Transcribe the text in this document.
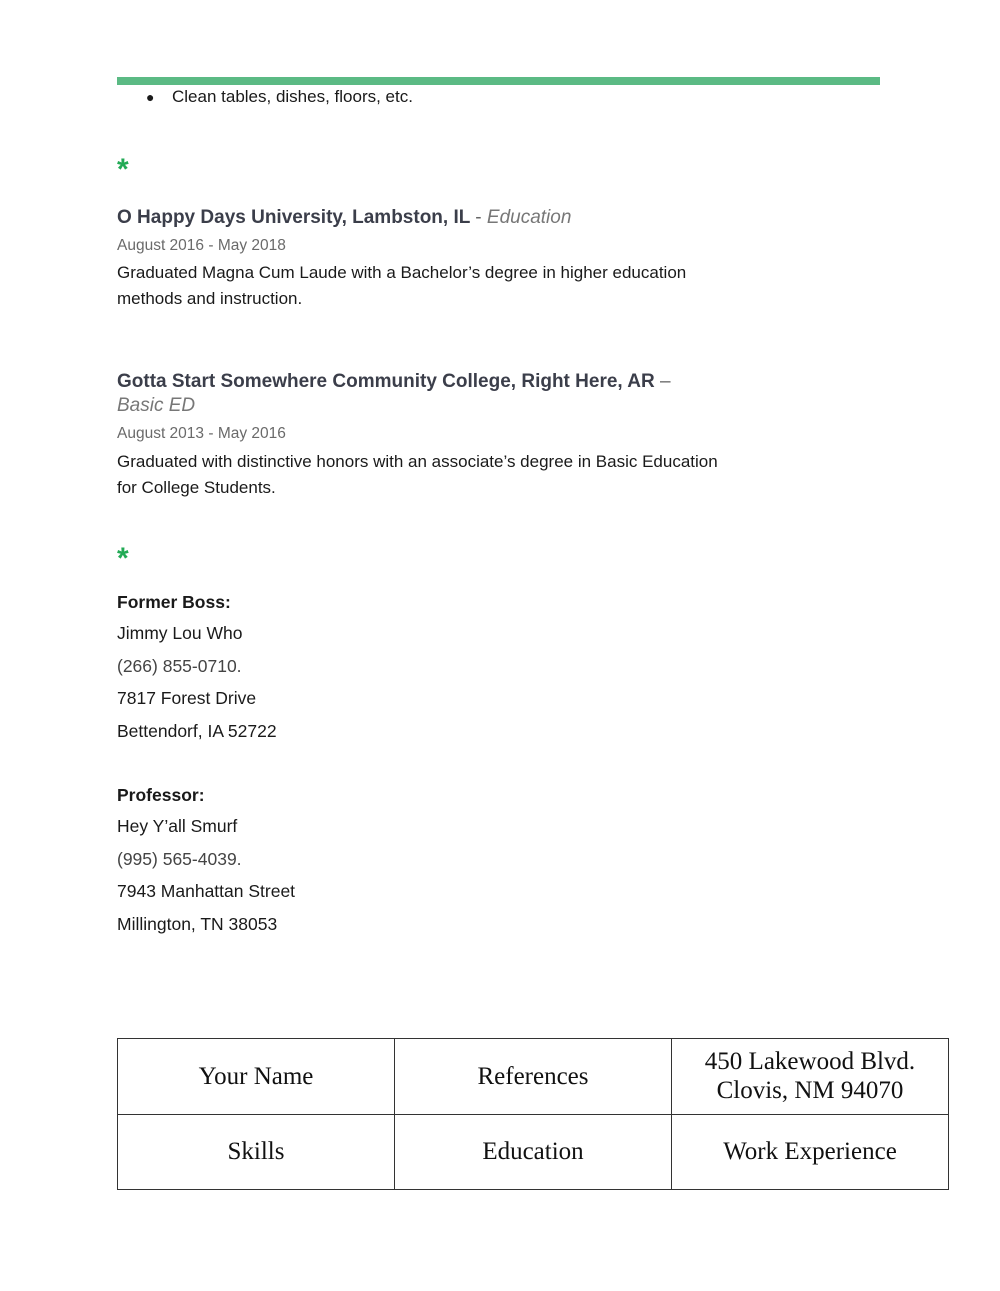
● Clean tables, dishes, floors, etc.
*
O Happy Days University, Lambston, IL - Education
August 2016 - May 2018
Graduated Magna Cum Laude with a Bachelor’s degree in higher education methods and instruction.
Gotta Start Somewhere Community College, Right Here, AR –
Basic ED
August 2013 - May 2016
Graduated with distinctive honors with an associate’s degree in Basic Education for College Students.
*
Former Boss:
Jimmy Lou Who
(266) 855-0710.
7817 Forest Drive
Bettendorf, IA 52722
Professor:
Hey Y’all Smurf
(995) 565-4039.
7943 Manhattan Street
Millington, TN 38053
Your Name	References	450 Lakewood Blvd.
Clovis, NM 94070
Skills	Education	Work Experience
